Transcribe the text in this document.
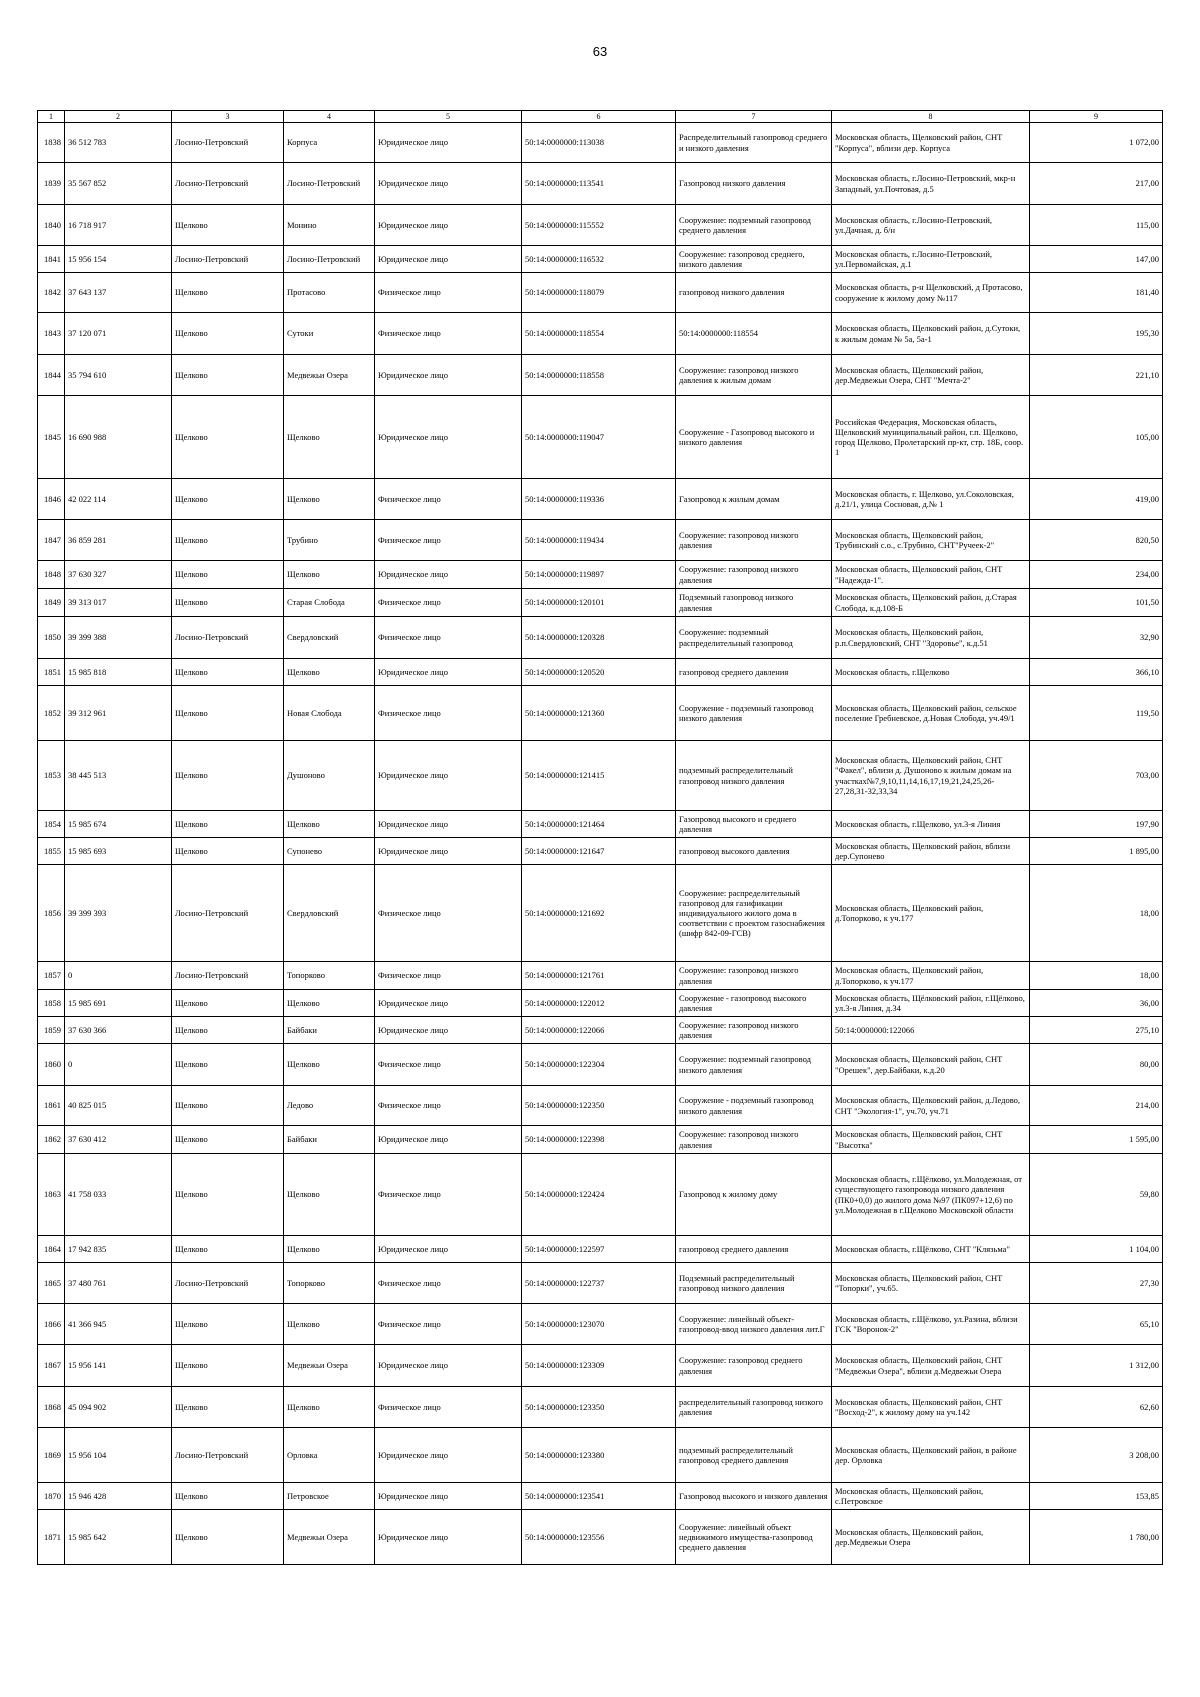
63
1	2	3	4	5	6	7	8	9
1838	36 512 783	Лосино-Петровский	Корпуса	Юридическое лицо	50:14:0000000:113038	Распределительный газопровод среднего и низкого давления	Московская область, Щелковский район, СНТ "Корпуса", вблизи дер. Корпуса	1 072,00
1839	35 567 852	Лосино-Петровский	Лосино-Петровский	Юридическое лицо	50:14:0000000:113541	Газопровод низкого давления	Московская область, г.Лосино-Петровский, мкр-н Западный, ул.Почтовая, д.5	217,00
1840	16 718 917	Щелково	Монино	Юридическое лицо	50:14:0000000:115552	Сооружение: подземный газопровод среднего давления	Московская область, г.Лосино-Петровский, ул.Дачная, д. б/н	115,00
1841	15 956 154	Лосино-Петровский	Лосино-Петровский	Юридическое лицо	50:14:0000000:116532	Сооружение: газопровод среднего, низкого давления	Московская область, г.Лосино-Петровский, ул.Первомайская, д.1	147,00
1842	37 643 137	Щелково	Протасово	Физическое лицо	50:14:0000000:118079	газопровод низкого давления	Московская область, р-н Щелковский, д Протасово, сооружение к жилому дому №117	181,40
1843	37 120 071	Щелково	Сутоки	Физическое лицо	50:14:0000000:118554	50:14:0000000:118554	Московская область, Щелковский район, д.Сутоки, к жилым домам № 5а, 5а-1	195,30
1844	35 794 610	Щелково	Медвежьи Озера	Юридическое лицо	50:14:0000000:118558	Сооружение: газопровод низкого давления к жилым домам	Московская область, Щелковский район, дер.Медвежьи Озера, СНТ "Мечта-2"	221,10
1845	16 690 988	Щелково	Щелково	Юридическое лицо	50:14:0000000:119047	Сооружение - Газопровод высокого и низкого давления	Российская Федерация, Московская область, Щелковский муниципальный район, г.п. Щелково, город Щелково, Пролетарский пр-кт, стр. 18Б, соор. 1	105,00
1846	42 022 114	Щелково	Щелково	Физическое лицо	50:14:0000000:119336	Газопровод к жилым домам	Московская область, г. Щелково, ул.Соколовская, д.21/1, улица Сосновая, д.№ 1	419,00
1847	36 859 281	Щелково	Трубино	Физическое лицо	50:14:0000000:119434	Сооружение: газопровод низкого давления	Московская область, Щелковский район, Трубинский с.о., с.Трубино, СНТ"Ручеек-2"	820,50
1848	37 630 327	Щелково	Щелково	Юридическое лицо	50:14:0000000:119897	Сооружение: газопровод низкого давления	Московская область, Щелковский район, СНТ "Надежда-1".	234,00
1849	39 313 017	Щелково	Старая Слобода	Физическое лицо	50:14:0000000:120101	Подземный газопровод низкого давления	Московская область, Щелковский район, д.Старая Слобода, к.д.108-Б	101,50
1850	39 399 388	Лосино-Петровский	Свердловский	Физическое лицо	50:14:0000000:120328	Сооружение: подземный распределительный газопровод	Московская область, Щелковский район, р.п.Свердловский, СНТ "Здоровье", к.д.51	32,90
1851	15 985 818	Щелково	Щелково	Юридическое лицо	50:14:0000000:120520	газопровод среднего давления	Московская область, г.Щелково	366,10
1852	39 312 961	Щелково	Новая Слобода	Физическое лицо	50:14:0000000:121360	Сооружение - подземный газопровод низкого давления	Московская область, Щелковский район, сельское поселение Гребневское, д.Новая Слобода, уч.49/1	119,50
1853	38 445 513	Щелково	Душоново	Юридическое лицо	50:14:0000000:121415	подземный распределительный газопровод низкого давления	Московская область, Щелковский район, СНТ "Факел", вблизи д. Душоново к жилым домам на участках№7,9,10,11,14,16,17,19,21,24,25,26-27,28,31-32,33,34	703,00
1854	15 985 674	Щелково	Щелково	Юридическое лицо	50:14:0000000:121464	Газопровод высокого и среднего давления	Московская область, г.Щелково, ул.3-я Линия	197,90
1855	15 985 693	Щелково	Супонево	Юридическое лицо	50:14:0000000:121647	газопровод высокого давления	Московская область, Щелковский район, вблизи дер.Супонево	1 895,00
1856	39 399 393	Лосино-Петровский	Свердловский	Физическое лицо	50:14:0000000:121692	Сооружение: распределительный газопровод для газификации индивидуального жилого дома в соответствии с проектом газоснабжения (шифр 842-09-ГСВ)	Московская область, Щелковский район, д.Топорково, к уч.177	18,00
1857	0	Лосино-Петровский	Топорково	Физическое лицо	50:14:0000000:121761	Сооружение: газопровод низкого давления	Московская область, Щелковский район, д.Топорково, к уч.177	18,00
1858	15 985 691	Щелково	Щелково	Юридическое лицо	50:14:0000000:122012	Сооружение - газопровод высокого давления	Московская область, Щёлковский район, г.Щёлково, ул.3-я Линия, д.34	36,00
1859	37 630 366	Щелково	Байбаки	Юридическое лицо	50:14:0000000:122066	Сооружение: газопровод низкого давления	50:14:0000000:122066	275,10
1860	0	Щелково	Щелково	Физическое лицо	50:14:0000000:122304	Сооружение: подземный газопровод низкого давления	Московская область, Щелковский район, СНТ "Орешек", дер.Байбаки, к.д.20	80,00
1861	40 825 015	Щелково	Ледово	Физическое лицо	50:14:0000000:122350	Сооружение - подземный газопровод низкого давления	Московская область, Щелковский район, д.Ледово, СНТ "Экология-1", уч.70, уч.71	214,00
1862	37 630 412	Щелково	Байбаки	Юридическое лицо	50:14:0000000:122398	Сооружение: газопровод низкого давления	Московская область, Щелковский район, СНТ "Высотка"	1 595,00
1863	41 758 033	Щелково	Щелково	Физическое лицо	50:14:0000000:122424	Газопровод к жилому дому	Московская область, г.Щёлково, ул.Молодежная, от существующего газопровода низкого давления (ПК0+0,0) до жилого дома №97 (ПК097+12,6) по ул.Молодежная в г.Щелково Московской области	59,80
1864	17 942 835	Щелково	Щелково	Юридическое лицо	50:14:0000000:122597	газопровод среднего давления	Московская область, г.Щёлково, СНТ "Клязьма"	1 104,00
1865	37 480 761	Лосино-Петровский	Топорково	Физическое лицо	50:14:0000000:122737	Подземный распределительный газопровод низкого давления	Московская область, Щелковский район, СНТ "Топорки", уч.65.	27,30
1866	41 366 945	Щелково	Щелково	Физическое лицо	50:14:0000000:123070	Сооружение: линейный объект-газопровод-ввод низкого давления лит.Г	Московская область, г.Щёлково, ул.Разина, вблизи ГСК "Воронок-2"	65,10
1867	15 956 141	Щелково	Медвежьи Озера	Юридическое лицо	50:14:0000000:123309	Сооружение: газопровод среднего давления	Московская область, Щелковский район, СНТ "Медвежьи Озера", вблизи д.Медвежьи Озера	1 312,00
1868	45 094 902	Щелково	Щелково	Физическое лицо	50:14:0000000:123350	распределительный газопровод низкого давления	Московская область, Щелковский район, СНТ "Восход-2", к жилому дому на уч.142	62,60
1869	15 956 104	Лосино-Петровский	Орловка	Юридическое лицо	50:14:0000000:123380	подземный распределительный газопровод среднего давления	Московская область, Щелковский район, в районе дер. Орловка	3 208,00
1870	15 946 428	Щелково	Петровское	Юридическое лицо	50:14:0000000:123541	Газопровод высокого и низкого давления	Московская область, Щелковский район, с.Петровское	153,85
1871	15 985 642	Щелково	Медвежьи Озера	Юридическое лицо	50:14:0000000:123556	Сооружение: линейный объект недвижимого имущества-газопровод среднего давления	Московская область, Щелковский район, дер.Медвежьи Озера	1 780,00
